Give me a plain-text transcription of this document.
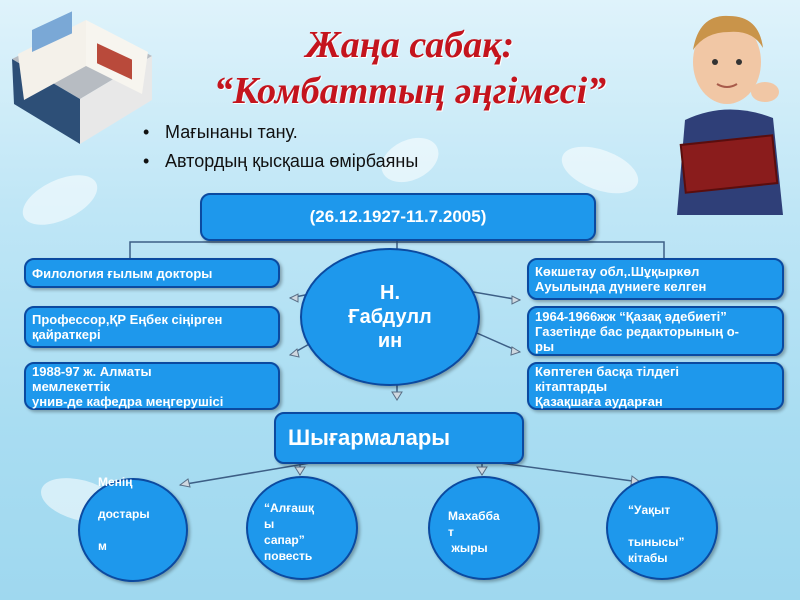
Жаңа сабақ:
“Комбаттың әңгімесі”
• Мағынаны тану.
• Автордың қысқаша өмірбаяны
(26.12.1927-11.7.2005)
Филология ғылым докторы
Профессор,ҚР Еңбек сіңірген
қайраткері
1988-97 ж. Алматы
мемлекеттік
унив-де кафедра меңгерушісі
Н.
Ғабдулл
ин
Көкшетау обл,.Шұқыркөл
Ауылында дүниеге келген
1964-1966жж “Қазақ әдебиеті”
Газетінде бас редакторының о-
ры
Көптеген басқа тілдегі
кітаптарды
Қазақшаға аударған
Шығармалары
Менің

достары

м
“Алғашқ
ы
сапар”
повесть
Махабба
т
жыры
“Уақыт

тынысы”
кітабы
